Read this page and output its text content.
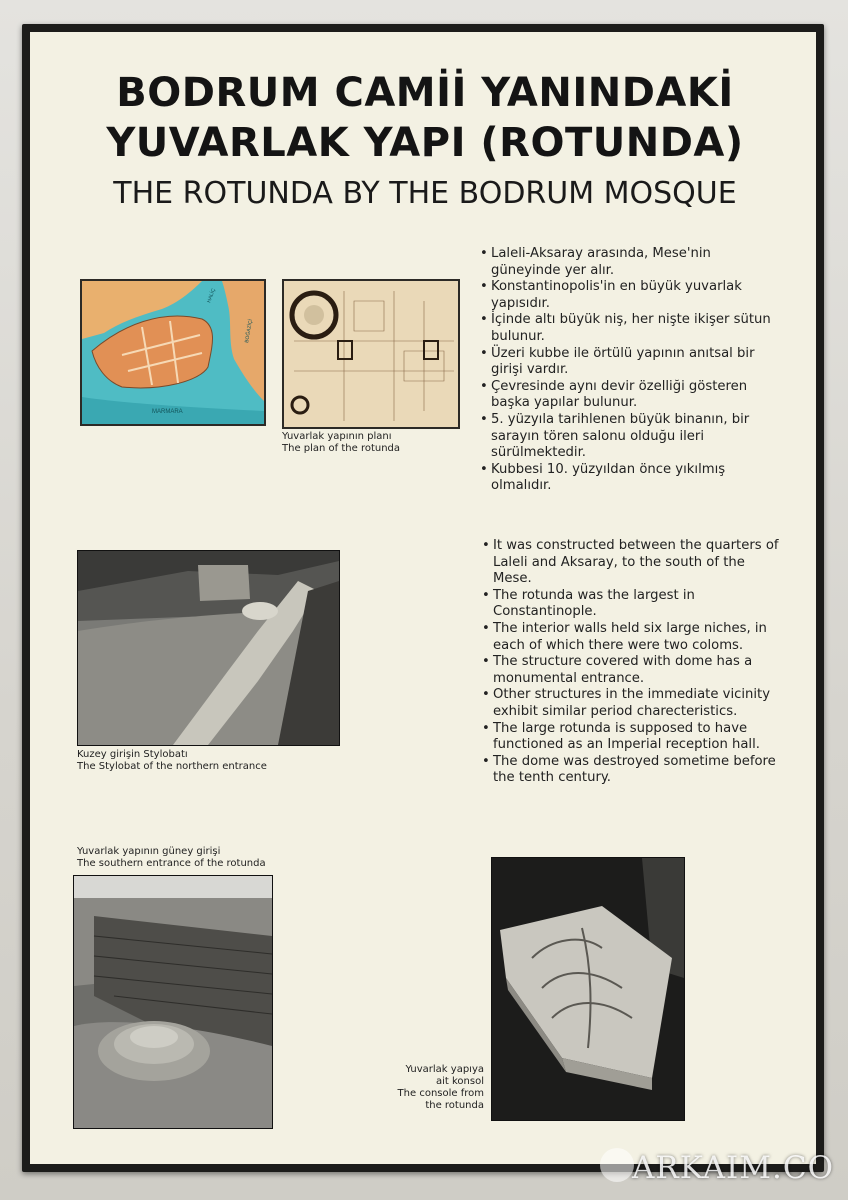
BODRUM CAMİİ YANINDAKİ
YUVARLAK YAPI (ROTUNDA)
THE ROTUNDA BY THE BODRUM MOSQUE
MARMARA
HALİÇ
BOĞAZİÇİ
Yuvarlak yapının planı
The plan of the rotunda
• Laleli-Aksaray arasında, Mese'nin güneyinde yer alır.
• Konstantinopolis'in en büyük yuvarlak yapısıdır.
• İçinde altı büyük niş, her nişte ikişer sütun bulunur.
• Üzeri kubbe ile örtülü yapının anıtsal bir girişi vardır.
• Çevresinde aynı devir özelliği gösteren başka yapılar bulunur.
• 5. yüzyıla tarihlenen büyük binanın, bir sarayın tören salonu olduğu ileri sürülmektedir.
• Kubbesi 10. yüzyıldan önce yıkılmış olmalıdır.
Kuzey girişin Stylobatı
The Stylobat of the northern entrance
• It was constructed between the quarters of Laleli and Aksaray, to the south of the Mese.
• The rotunda was the largest in Constantinople.
• The interior walls held six large niches, in each of which there were two coloms.
• The structure covered with dome has a monumental entrance.
• Other structures in the immediate vicinity exhibit similar period charecteristics.
• The large rotunda is supposed to have functioned as an Imperial reception hall.
• The dome was destroyed sometime before the tenth century.
Yuvarlak yapının güney girişi
The southern entrance of the rotunda
Yuvarlak yapıya
ait konsol
The console from
the rotunda
ARKAIM.CO
